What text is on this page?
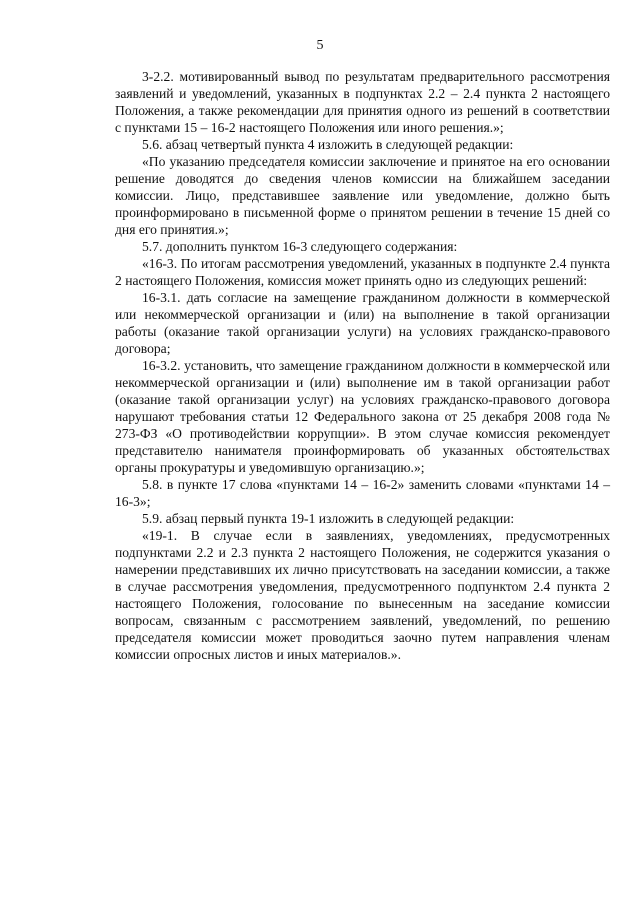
5

3-2.2. мотивированный вывод по результатам предварительного рассмотрения заявлений и уведомлений, указанных в подпунктах 2.2 – 2.4 пункта 2 настоящего Положения, а также рекомендации для принятия одного из решений в соответствии с пунктами 15 – 16-2 настоящего Положения или иного решения.»;

5.6. абзац четвертый пункта 4 изложить в следующей редакции:

«По указанию председателя комиссии заключение и принятое на его основании решение доводятся до сведения членов комиссии на ближайшем заседании комиссии. Лицо, представившее заявление или уведомление, должно быть проинформировано в письменной форме о принятом решении в течение 15 дней со дня его принятия.»;

5.7. дополнить пунктом 16-3 следующего содержания:

«16-3. По итогам рассмотрения уведомлений, указанных в подпункте 2.4 пункта 2 настоящего Положения, комиссия может принять одно из следующих решений:

16-3.1. дать согласие на замещение гражданином должности в коммерческой или некоммерческой организации и (или) на выполнение в такой организации работы (оказание такой организации услуги) на условиях гражданско-правового договора;

16-3.2. установить, что замещение гражданином должности в коммерческой или некоммерческой организации и (или) выполнение им в такой организации работ (оказание такой организации услуг) на условиях гражданско-правового договора нарушают требования статьи 12 Федерального закона от 25 декабря 2008 года № 273-ФЗ «О противодействии коррупции». В этом случае комиссия рекомендует представителю нанимателя проинформировать об указанных обстоятельствах органы прокуратуры и уведомившую организацию.»;

5.8. в пункте 17 слова «пунктами 14 – 16-2» заменить словами «пунктами 14 – 16-3»;

5.9. абзац первый пункта 19-1 изложить в следующей редакции:

«19-1. В случае если в заявлениях, уведомлениях, предусмотренных подпунктами 2.2 и 2.3 пункта 2 настоящего Положения, не содержится указания о намерении представивших их лично присутствовать на заседании комиссии, а также в случае рассмотрения уведомления, предусмотренного подпунктом 2.4 пункта 2 настоящего Положения, голосование по вынесенным на заседание комиссии вопросам, связанным с рассмотрением заявлений, уведомлений, по решению председателя комиссии может проводиться заочно путем направления членам комиссии опросных листов и иных материалов.».
